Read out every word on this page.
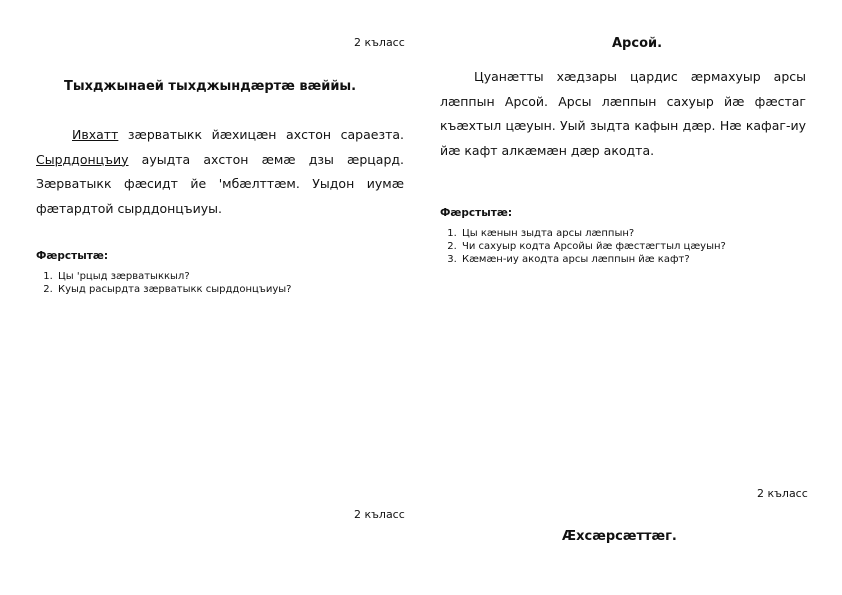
2 къласс
Тыхджынаей тыхджындæртæ вæййы.

Ивхатт зæрватыкк йæхицæн ахстон сараезта. Сырддонцъиу ауыдта ахстон æмæ дзы æрцард. Зæрватыкк фæсидт йе 'мбæлттæм. Уыдон иумæ фæтардтой сырддонцъиуы.

Фæрстытæ:
1. Цы 'рцыд зæрватыккыл?
2. Куыд расырдта зæрватыкк сырддонцъиуы?
Арсой.

Цуанæтты хæдзары цардис æрмахуыр арсы лæппын Арсой. Арсы лæппын сахуыр йæ фæстаг къæхтыл цæуын. Уый зыдта кафын дæр. Нæ кафаг-иу йæ кафт алкæмæн дæр акодта.

Фæрстытæ:
1. Цы кæнын зыдта арсы лæппын?
2. Чи сахуыр кодта Арсойы йæ фæстæгтыл цæуын?
3. Кæмæн-иу акодта арсы лæппын йæ кафт?
2 къласс
2 къласс
Æхсæрсæттæг.
